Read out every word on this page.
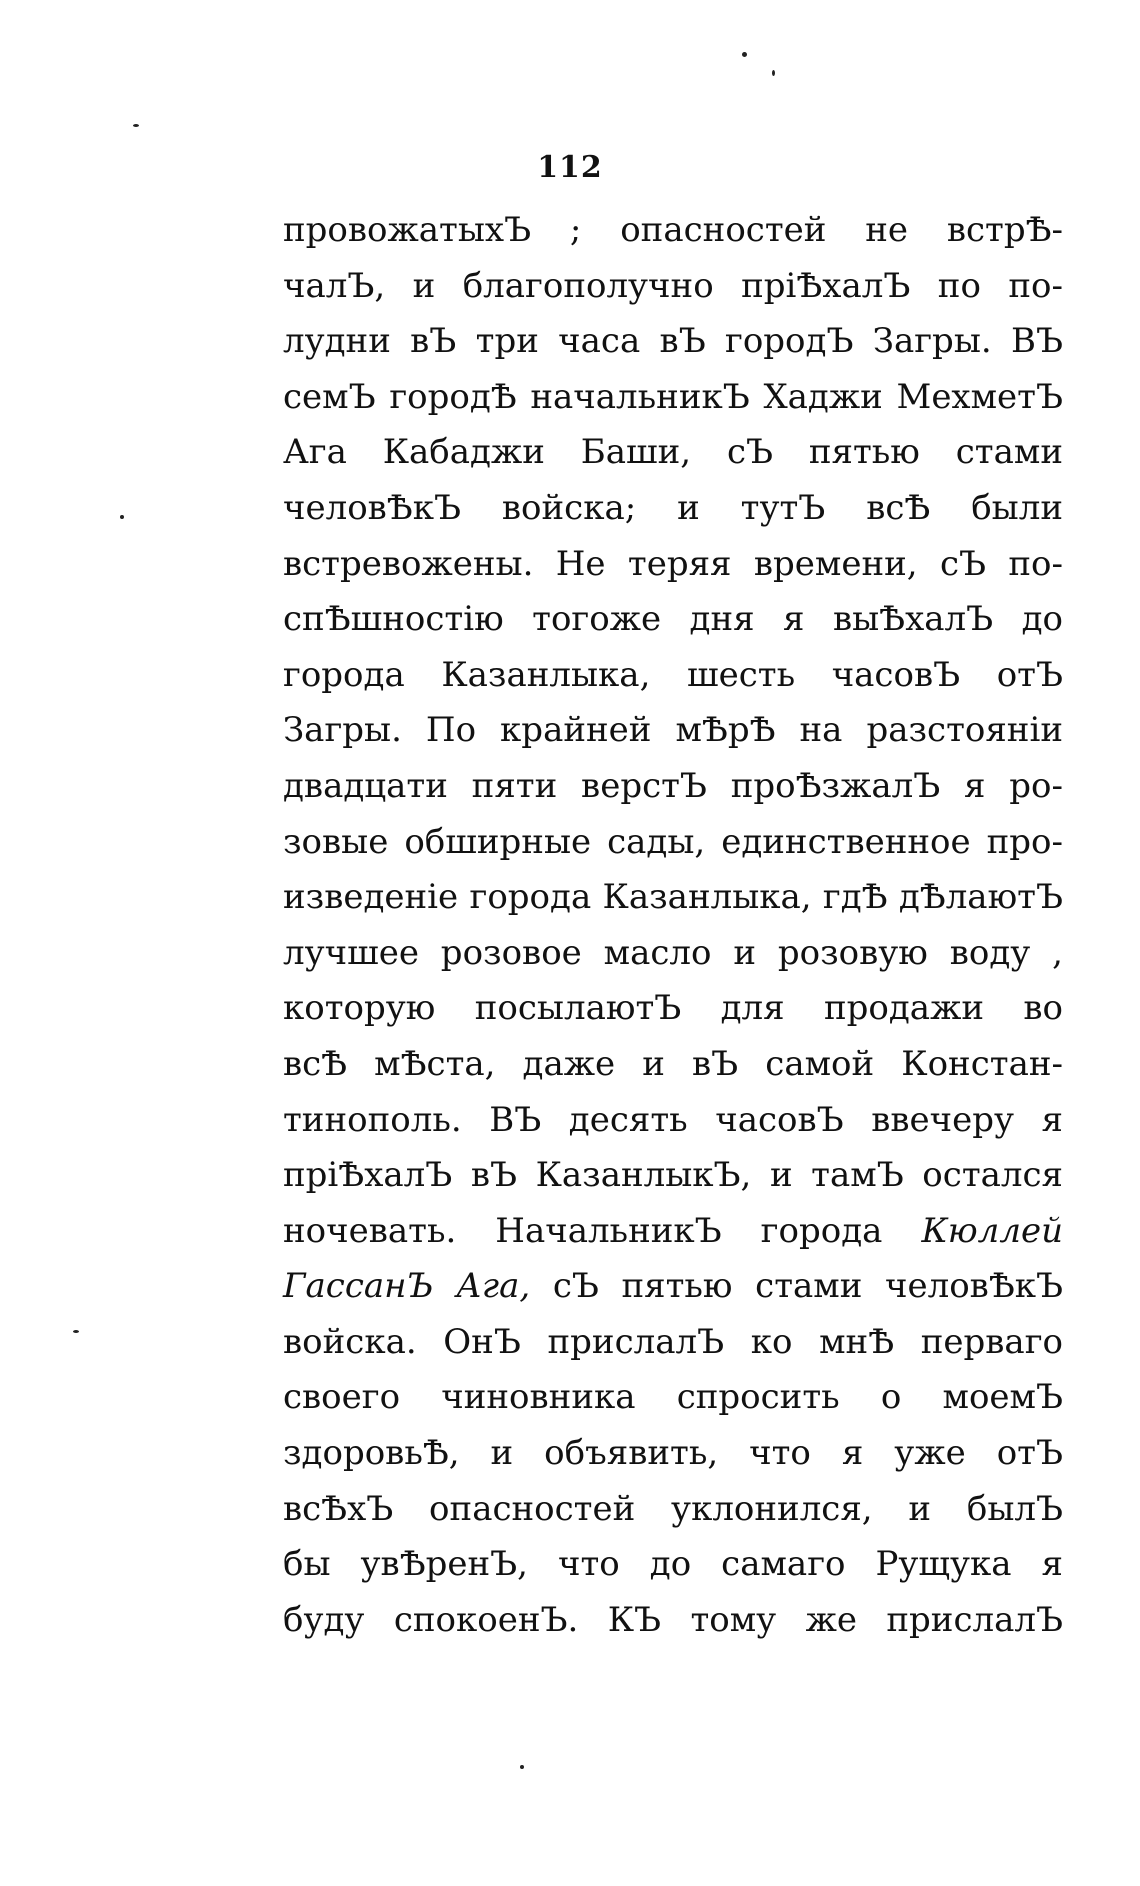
112
провожатыхЪ ; опасностей не встрѢ-
чалЪ, и благополучно прiѢхалЪ по по-
лудни вЪ три часа вЪ городЪ Загры. ВЪ
семЪ городѢ начальникЪ Хаджи МехметЪ
Ага Кабаджи Баши, сЪ пятью стами
человѢкЪ войска; и тутЪ всѢ были
встревожены. Не теряя времени, сЪ по-
спѢшностiю тогоже дня я выѢхалЪ до
города Казанлыка, шесть часовЪ отЪ
Загры. По крайней мѢрѢ на разстоянiи
двадцати пяти верстЪ проѢзжалЪ я ро-
зовые обширные сады, единственное про-
изведенiе города Казанлыка, гдѢ дѢлаютЪ
лучшее розовое масло и розовую воду ,
которую посылаютЪ для продажи во
всѢ мѢста, даже и вЪ самой Констан-
тинополь. ВЪ десять часовЪ ввечеру я
прiѢхалЪ вЪ КазанлыкЪ, и тамЪ остался
ночевать. НачальникЪ города Кюллей
ГассанЪ Ага, сЪ пятью стами человѢкЪ
войска. ОнЪ прислалЪ ко мнѢ перваго
своего чиновника спросить о моемЪ
здоровьѢ, и объявить, что я уже отЪ
всѢхЪ опасностей уклонился, и былЪ
бы увѢренЪ, что до самаго Рущука я
буду спокоенЪ. КЪ тому же прислалЪ
